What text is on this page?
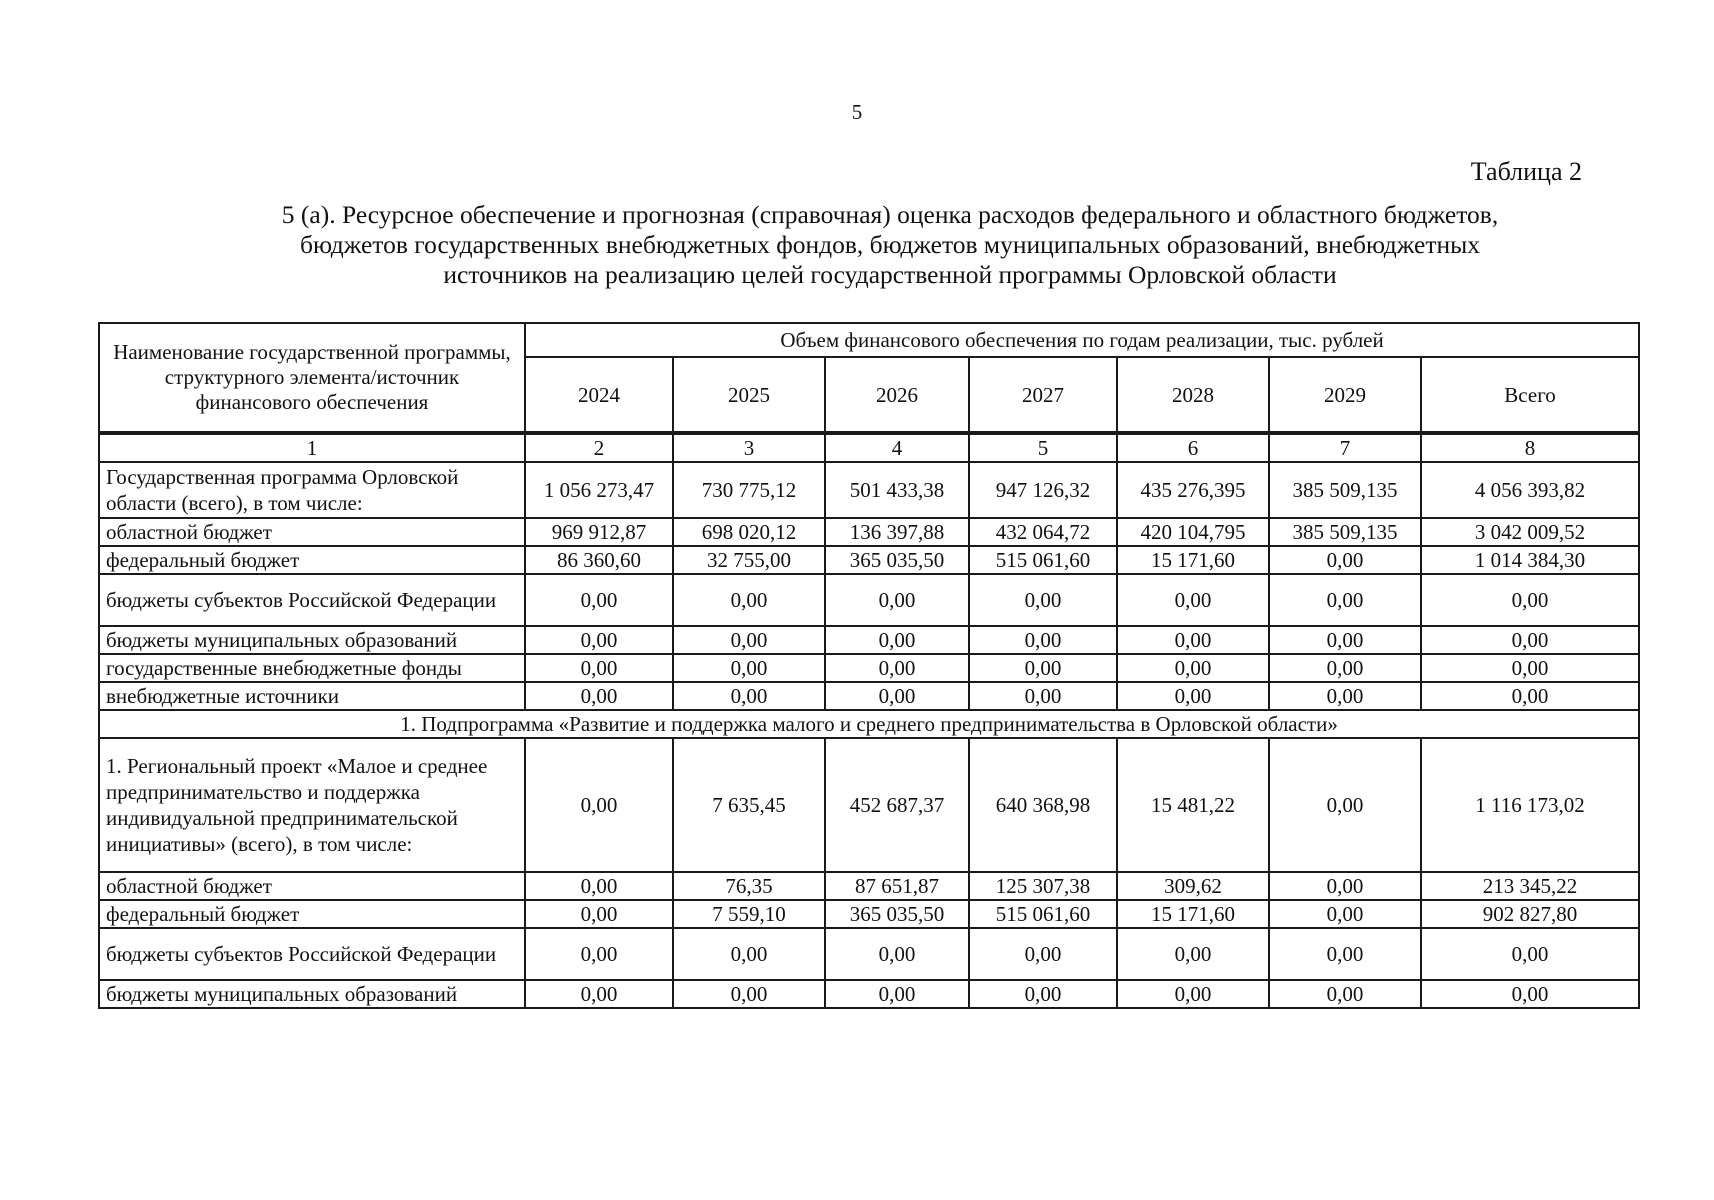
5
Таблица 2
5 (а). Ресурсное обеспечение и прогнозная (справочная) оценка расходов федерального и областного бюджетов,
бюджетов государственных внебюджетных фондов, бюджетов муниципальных образований, внебюджетных
источников на реализацию целей государственной программы Орловской области
Наименование государственной программы, структурного элемента/источник финансового обеспечения	Объем финансового обеспечения по годам реализации, тыс. рублей						
	2024	2025	2026	2027	2028	2029	Всего
1	2	3	4	5	6	7	8
Государственная программа Орловской области (всего), в том числе:	1 056 273,47	730 775,12	501 433,38	947 126,32	435 276,395	385 509,135	4 056 393,82
областной бюджет	969 912,87	698 020,12	136 397,88	432 064,72	420 104,795	385 509,135	3 042 009,52
федеральный бюджет	86 360,60	32 755,00	365 035,50	515 061,60	15 171,60	0,00	1 014 384,30
бюджеты субъектов Российской Федерации	0,00	0,00	0,00	0,00	0,00	0,00	0,00
бюджеты муниципальных образований	0,00	0,00	0,00	0,00	0,00	0,00	0,00
государственные внебюджетные фонды	0,00	0,00	0,00	0,00	0,00	0,00	0,00
внебюджетные источники	0,00	0,00	0,00	0,00	0,00	0,00	0,00
1. Подпрограмма «Развитие и поддержка малого и среднего предпринимательства в Орловской области»							
1. Региональный проект «Малое и среднее предпринимательство и поддержка индивидуальной предпринимательской инициативы» (всего), в том числе:	0,00	7 635,45	452 687,37	640 368,98	15 481,22	0,00	1 116 173,02
областной бюджет	0,00	76,35	87 651,87	125 307,38	309,62	0,00	213 345,22
федеральный бюджет	0,00	7 559,10	365 035,50	515 061,60	15 171,60	0,00	902 827,80
бюджеты субъектов Российской Федерации	0,00	0,00	0,00	0,00	0,00	0,00	0,00
бюджеты муниципальных образований	0,00	0,00	0,00	0,00	0,00	0,00	0,00
